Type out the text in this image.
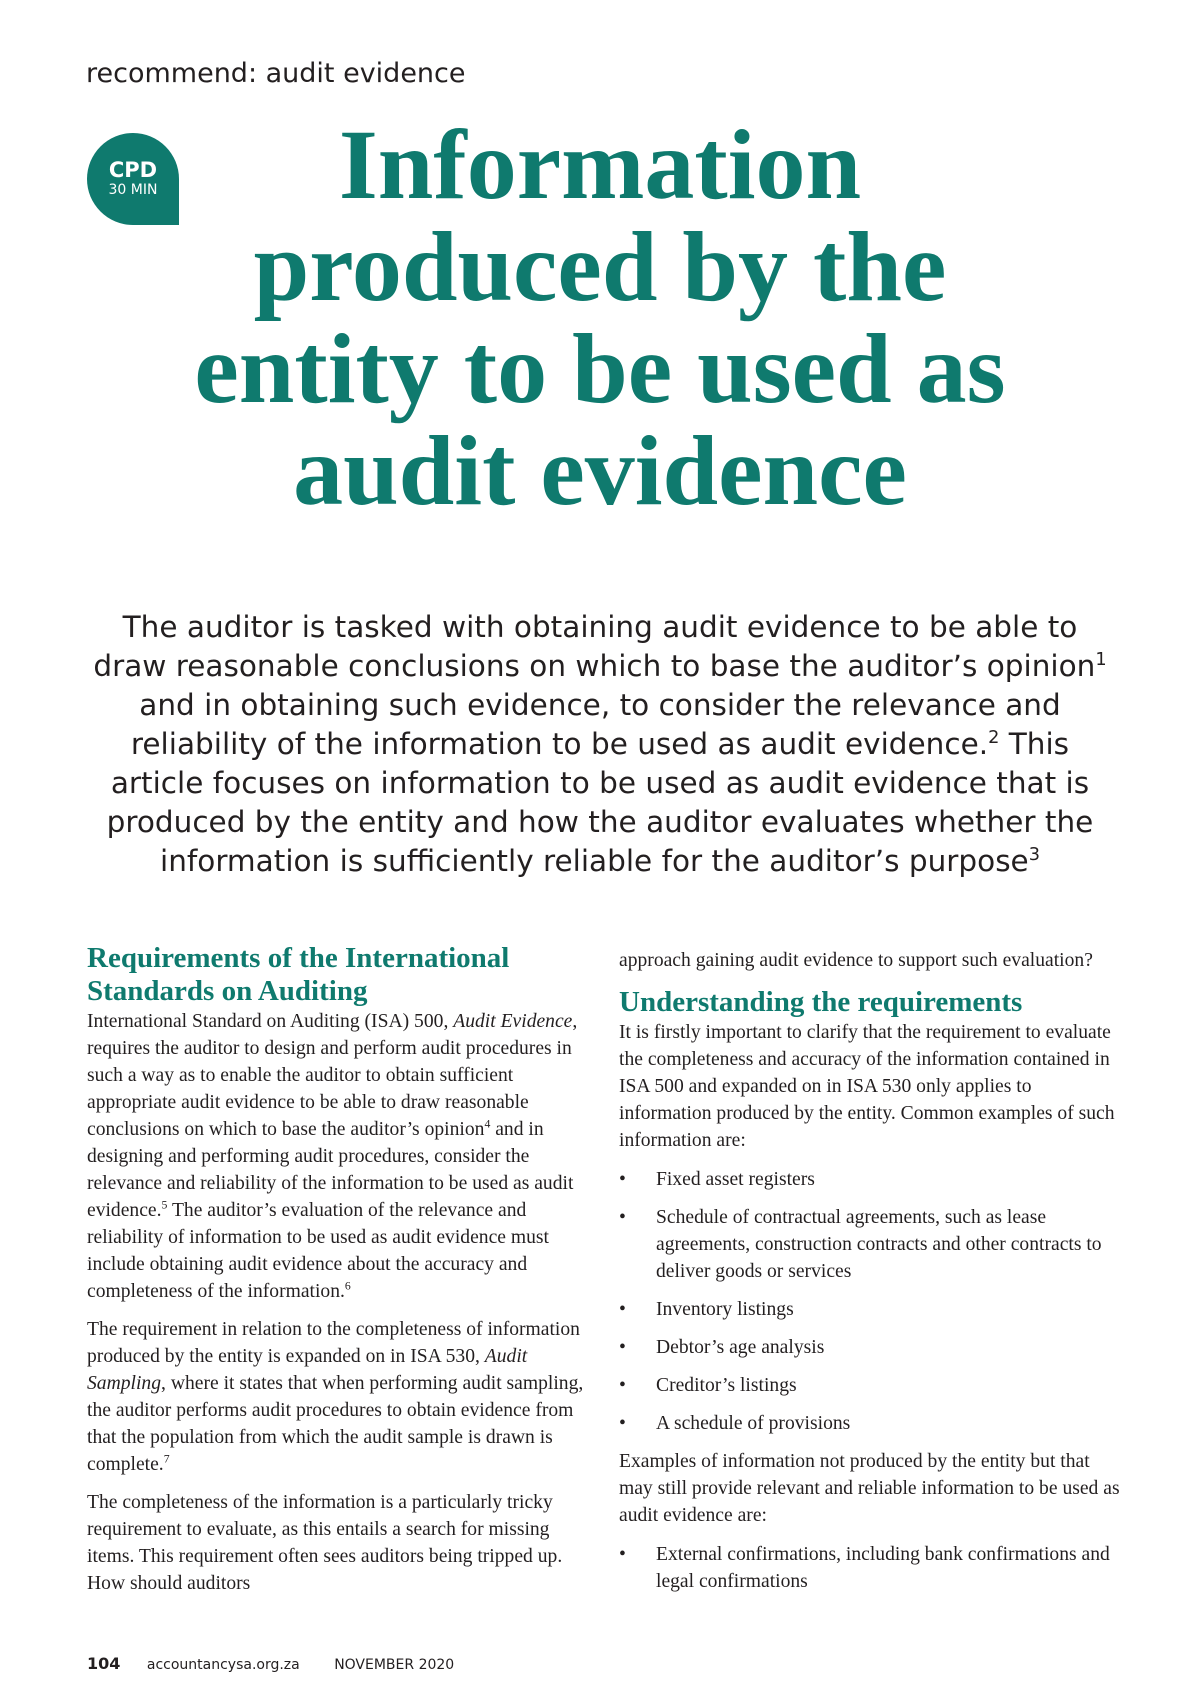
recommend: audit evidence
CPD
30 MIN	Information
produced by the
entity to be used as
audit evidence

The auditor is tasked with obtaining audit evidence to be able to draw reasonable conclusions on which to base the auditor’s opinion$^1$ and in obtaining such evidence, to consider the relevance and reliability of the information to be used as audit evidence.$^2$ This article focuses on information to be used as audit evidence that is produced by the entity and how the auditor evaluates whether the information is sufficiently reliable for the auditor’s purpose$^3$

Requirements of the International Standards on Auditing

International Standard on Auditing (ISA) 500, Audit Evidence, requires the auditor to design and perform audit procedures in such a way as to enable the auditor to obtain sufficient appropriate audit evidence to be able to draw reasonable conclusions on which to base the auditor’s opinion$^4$ and in designing and performing audit procedures, consider the relevance and reliability of the information to be used as audit evidence.$^5$ The auditor’s evaluation of the relevance and reliability of information to be used as audit evidence must include obtaining audit evidence about the accuracy and completeness of the information.$^6$

The requirement in relation to the completeness of information produced by the entity is expanded on in ISA 530, Audit Sampling, where it states that when performing audit sampling, the auditor performs audit procedures to obtain evidence from that the population from which the audit sample is drawn is complete.$^7$

The completeness of the information is a particularly tricky requirement to evaluate, as this entails a search for missing items. This requirement often sees auditors being tripped up. How should auditors

approach gaining audit evidence to support such evaluation?

Understanding the requirements

It is firstly important to clarify that the requirement to evaluate the completeness and accuracy of the information contained in ISA 500 and expanded on in ISA 530 only applies to information produced by the entity. Common examples of such information are:

• Fixed asset registers
• Schedule of contractual agreements, such as lease agreements, construction contracts and other contracts to deliver goods or services
• Inventory listings
• Debtor’s age analysis
• Creditor’s listings
• A schedule of provisions

Examples of information not produced by the entity but that may still provide relevant and reliable information to be used as audit evidence are:

• External confirmations, including bank confirmations and legal confirmations
104 accountancysa.org.za NOVEMBER 2020
